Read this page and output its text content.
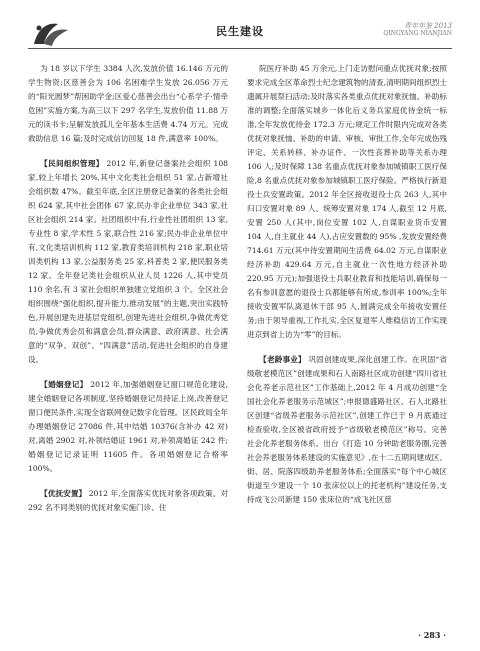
民生建设	青年年鉴 2013
QINGYANG NIANJIAN

为 18 岁以下学生 3384 人次,发放价值 16.146 万元的学生物资;区慈善会为 106 名困难学生发放 26.056 万元的“阳光圆梦”帮困助学金;区爱心慈善会出台“心系学子·情牵危困”实施方案,为高三以下 297 名学生,发放价值 11.88 万元的读书卡;呈解发放孤儿全年基本生活费 4.74 万元。完成救助信息 16 篇;及时完成信访回复 18 件,满意率 100%。

【 民间组织管理 】 2012 年,新登记备案社会组织 108 家,较上年增长 20%,其中文化类社会组织 51 家,占新增社会组织数 47%。截至年底,全区注册登记备案的各类社会组织 624 家,其中社会团体 67 家,民办非企业单位 343 家,社区社会组织 214 家。社团组织中有,行业性社团组织 13 家,专业性 8 家,学术性 5 家,联合性 216 家;民办非企业单位中有,文化类培训机构 112 家,教育类培训机构 218 家,职业培训类机构 13 家,公益服务类 25 家,科普类 2 家,便民服务类 12 家。全年登记类社会组织从业人员 1226 人,其中党员 110 余名,有 3 家社会组织单独建立党组织 3 个。全区社会组织围绕“强化组织,提升能力,推动发展”的主题,突出实践特色,开展创建先进基层党组织,创建先进社会组织,争做优秀党员,争做优秀会员和满意会员,群众满意、政府满意、社会满意的“双争、双创”、“四满意”活动,促进社会组织的自身建设。

【 婚姻登记 】 2012 年,加强婚姻登记窗口规范化建设,建全婚姻登记各项制度,坚持婚姻登记员持证上岗,改善登记窗口便民条件,实现全省联网登记数字化管理。区民政局全年办理婚姻登记 27086 件,其中结婚 10376(含补办 42 对)对,离婚 2902 对,补领结婚证 1961 对,补领离婚证 242 件;婚姻登记记录证明 11605 件。各项婚姻登记合格率 100%。

【 优抚安置 】 2012 年,全面落实优抚对象各项政策。对 292 名不同类别的优抚对象实施门诊、住

院医疗补助 45 万余元,上门走访慰问重点优抚对象;按照要求完成全区革命烈士纪念建筑物的清查,清明期间组织烈士遗属开展祭扫活动;及时落实各类重点优抚对象抚恤、补助标准的调整;全面落实城乡一体化后义务兵家庭优待金统一标准,全年发放优待金 172.3 万元;规定工作时限内完成对各类优抚对象抚恤、补助的申请、审核、审批工作,全年完成伤残评定、关系转移、补办证件、一次性丧葬补助等关系办理 106 人;及时保障 138 名重点优抚对象参加城镇职工医疗保险,8 名重点优抚对象参加城镇职工医疗保险。严格执行新退役士兵安置政策。2012 年全区接收退役士兵 263 人,其中归口安置对象 89 人、统筹安置对象 174 人,截至 12 月底,安置 250 人(其中,岗位安置 102 人,自谋职业货币安置 104 人,自主就业 44 人),占应安置数的 95% ,发放安置经费 714.61 万元(其中待安置期间生活费 64.02 万元,自谋职业经济补助 429.64 万元,自主就业一次性地方经济补助 220.95 万元);加强退役士兵职业教育和技能培训,确保每一名有参训意愿的退役士兵都能够有所成,参训率 100%;全年接收安置军队离退休干部 95 人,圆满完成全年接收安置任务;由于领导重视,工作扎实,全区复退军人维稳信访工作实现进京到省上访为“零”的目标。

【 老龄事业 】 巩固创建成果,深化创建工作。在巩固“省级敬老模范区”创建成果和石人南路社区成功创建“四川省社会化养老示范社区”工作基础上,2012 年 4 月成功创建“全国社会化养老服务示范城区”;申报德盛路社区、石人北路社区创建“省级养老服务示范社区”,创建工作已于 9 月底通过检查验收,全区被省政府授予“省级敬老模范区”称号。完善社会化养老服务体系。出台《打造 10 分钟助老服务圈,完善社会养老服务体系建设的实施意见》,在十二五期间建成区、街、居、院落四级助养老服务体系;全面落实“每个中心城区街道至少建设一个 10 张床位以上的托老机构”建设任务,支持成飞公司新建 150 张床位的“成飞社区慈

· 283 ·
